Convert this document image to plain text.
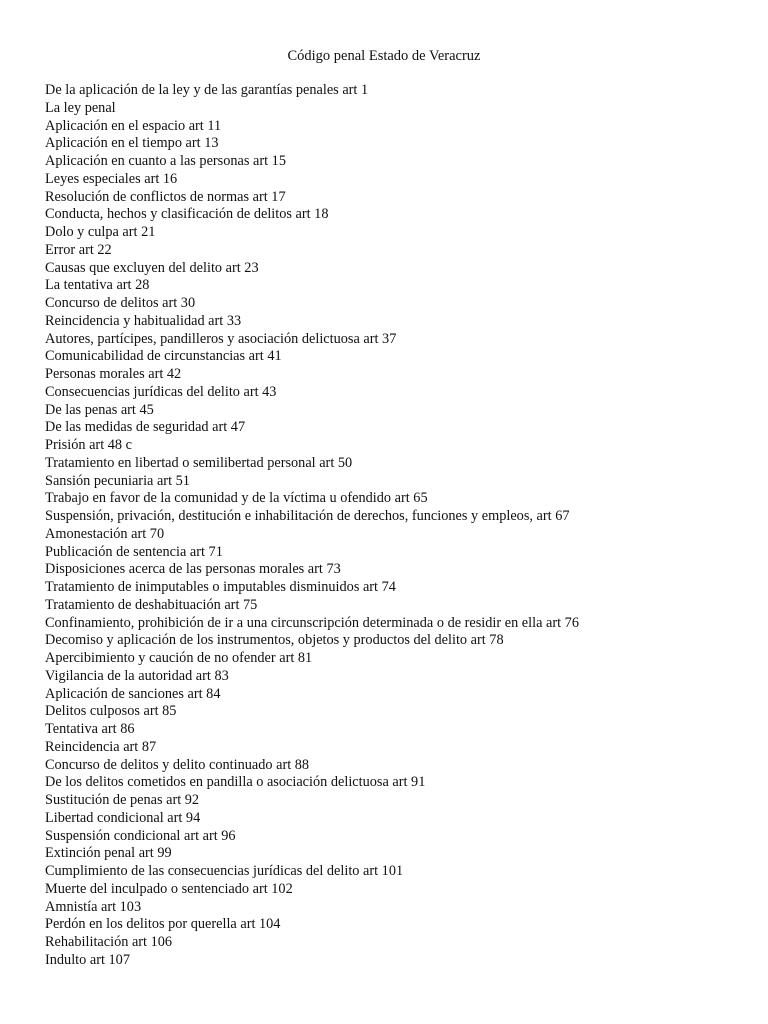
Código penal Estado de Veracruz
De la aplicación de la ley y de las garantías penales art 1
La ley penal
Aplicación en el espacio art 11
Aplicación en el tiempo art 13
Aplicación en cuanto a las personas art 15
Leyes especiales art 16
Resolución de conflictos de normas art 17
Conducta, hechos y clasificación de delitos art 18
Dolo y culpa art 21
Error art 22
Causas que excluyen del delito art 23
La tentativa art 28
Concurso de delitos art 30
Reincidencia y habitualidad art 33
Autores, partícipes, pandilleros y asociación delictuosa art 37
Comunicabilidad de circunstancias art 41
Personas morales art 42
Consecuencias jurídicas del delito art 43
De las penas art 45
De las medidas de seguridad art 47
Prisión art 48 c
Tratamiento en libertad o semilibertad personal art 50
Sansión pecuniaria art 51
Trabajo en favor de la comunidad y de la víctima u ofendido art 65
Suspensión, privación, destitución e inhabilitación de derechos, funciones y empleos, art 67
Amonestación art 70
Publicación de sentencia art 71
Disposiciones acerca de las personas morales art 73
Tratamiento de inimputables o imputables disminuidos art 74
Tratamiento de deshabituación art 75
Confinamiento, prohibición de ir a una circunscripción determinada o de residir en ella art 76
Decomiso y aplicación de los instrumentos, objetos y productos del delito art 78
Apercibimiento y caución de no ofender art 81
Vigilancia de la autoridad art 83
Aplicación de sanciones art 84
Delitos culposos art 85
Tentativa art 86
Reincidencia art 87
Concurso de delitos y delito continuado art 88
De los delitos cometidos en pandilla o asociación delictuosa art 91
Sustitución de penas art 92
Libertad condicional art 94
Suspensión condicional art art 96
Extinción penal art 99
Cumplimiento de las consecuencias jurídicas del delito art 101
Muerte del inculpado o sentenciado art 102
Amnistía art 103
Perdón en los delitos por querella art 104
Rehabilitación art 106
Indulto art 107
